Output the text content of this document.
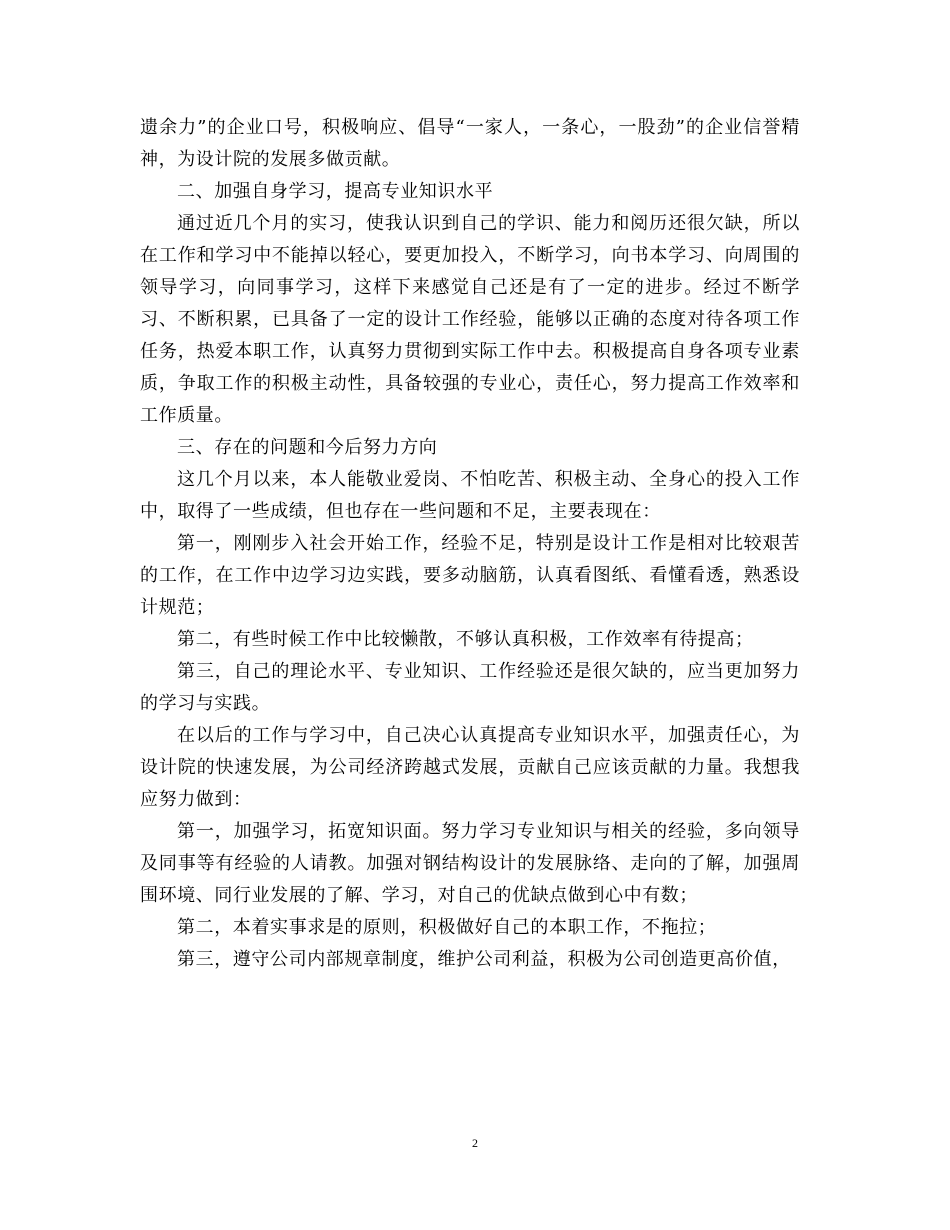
遗余力”的企业口号，积极响应、倡导“一家人，一条心，一股劲”的企业信誉精神，为设计院的发展多做贡献。

二、加强自身学习，提高专业知识水平

通过近几个月的实习，使我认识到自己的学识、能力和阅历还很欠缺，所以在工作和学习中不能掉以轻心，要更加投入，不断学习，向书本学习、向周围的领导学习，向同事学习，这样下来感觉自己还是有了一定的进步。经过不断学习、不断积累，已具备了一定的设计工作经验，能够以正确的态度对待各项工作任务，热爱本职工作，认真努力贯彻到实际工作中去。积极提高自身各项专业素质，争取工作的积极主动性，具备较强的专业心，责任心，努力提高工作效率和工作质量。

三、存在的问题和今后努力方向

这几个月以来，本人能敬业爱岗、不怕吃苦、积极主动、全身心的投入工作中，取得了一些成绩，但也存在一些问题和不足，主要表现在：

第一，刚刚步入社会开始工作，经验不足，特别是设计工作是相对比较艰苦的工作，在工作中边学习边实践，要多动脑筋，认真看图纸、看懂看透，熟悉设计规范；

第二，有些时候工作中比较懒散，不够认真积极，工作效率有待提高；

第三，自己的理论水平、专业知识、工作经验还是很欠缺的，应当更加努力的学习与实践。

在以后的工作与学习中，自己决心认真提高专业知识水平，加强责任心，为设计院的快速发展，为公司经济跨越式发展，贡献自己应该贡献的力量。我想我应努力做到：

第一，加强学习，拓宽知识面。努力学习专业知识与相关的经验，多向领导及同事等有经验的人请教。加强对钢结构设计的发展脉络、走向的了解，加强周围环境、同行业发展的了解、学习，对自己的优缺点做到心中有数；

第二，本着实事求是的原则，积极做好自己的本职工作，不拖拉；

第三，遵守公司内部规章制度，维护公司利益，积极为公司创造更高价值，

2
